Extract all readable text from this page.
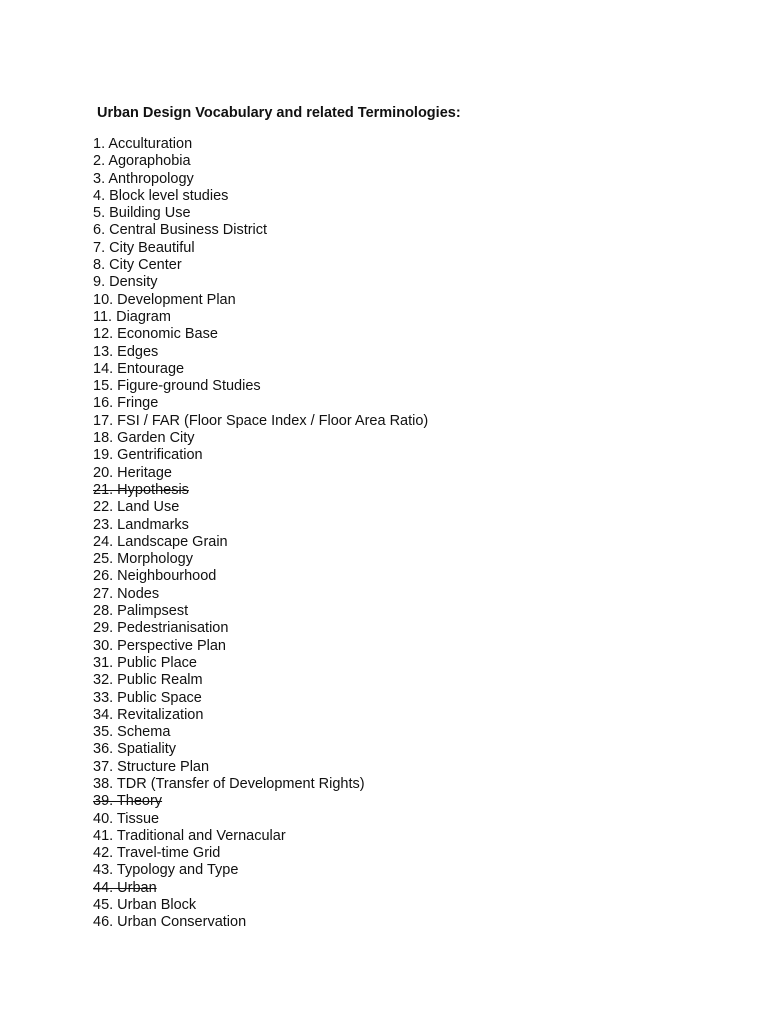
Urban Design Vocabulary and related Terminologies:
1. Acculturation
2. Agoraphobia
3. Anthropology
4. Block level studies
5. Building Use
6. Central Business District
7. City Beautiful
8. City Center
9. Density
10. Development Plan
11. Diagram
12. Economic Base
13. Edges
14. Entourage
15. Figure-ground Studies
16. Fringe
17. FSI / FAR (Floor Space Index / Floor Area Ratio)
18. Garden City
19. Gentrification
20. Heritage
21. Hypothesis
22. Land Use
23. Landmarks
24. Landscape Grain
25. Morphology
26. Neighbourhood
27. Nodes
28. Palimpsest
29. Pedestrianisation
30. Perspective Plan
31. Public Place
32. Public Realm
33. Public Space
34. Revitalization
35. Schema
36. Spatiality
37. Structure Plan
38. TDR (Transfer of Development Rights)
39. Theory
40. Tissue
41. Traditional and Vernacular
42. Travel-time Grid
43. Typology and Type
44. Urban
45. Urban Block
46. Urban Conservation
